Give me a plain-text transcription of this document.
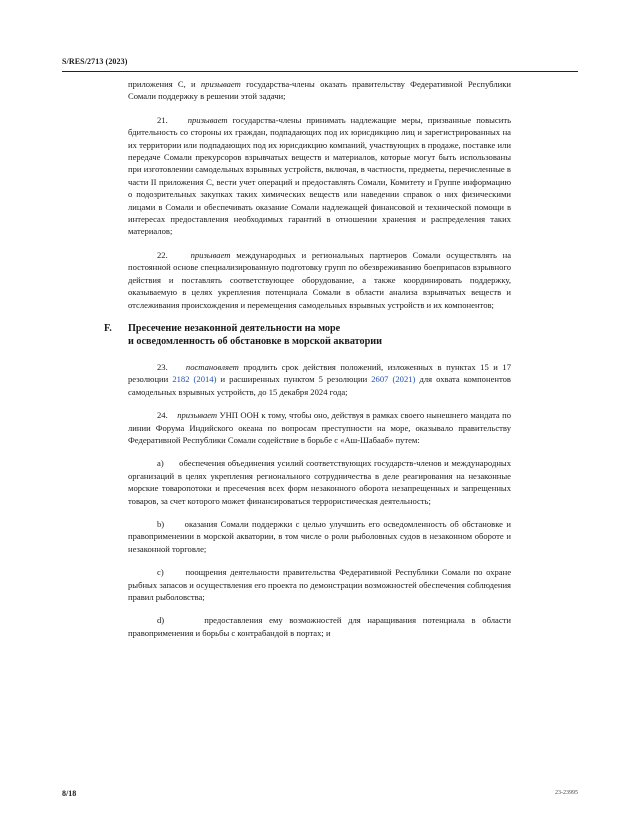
S/RES/2713 (2023)

приложения С, и призывает государства-члены оказать правительству Федеративной Республики Сомали поддержку в решении этой задачи;

21. призывает государства-члены принимать надлежащие меры, призванные повысить бдительность со стороны их граждан, подпадающих под их юрисдикцию лиц и зарегистрированных на их территории или подпадающих под их юрисдикцию компаний, участвующих в продаже, поставке или передаче Сомали прекурсоров взрывчатых веществ и материалов, которые могут быть использованы при изготовлении самодельных взрывных устройств, включая, в частности, предметы, перечисленные в части II приложения С, вести учет операций и предоставлять Сомали, Комитету и Группе информацию о подозрительных закупках таких химических веществ или наведении справок о них физическими лицами в Сомали и обеспечивать оказание Сомали надлежащей финансовой и технической помощи в интересах предоставления необходимых гарантий в отношении хранения и распределения таких материалов;

22.	призывает международных и региональных партнеров Сомали осуществлять на постоянной основе специализированную подготовку групп по обезвреживанию боеприпасов взрывного действия и поставлять соответствующее оборудование, а также координировать поддержку, оказываемую в целях укрепления потенциала Сомали в области анализа взрывчатых веществ и отслеживания происхождения и перемещения самодельных взрывных устройств и их компонентов;

F. Пресечение незаконной деятельности на море
и осведомленность об обстановке в морской акватории

23. постановляет продлить срок действия положений, изложенных в пунктах 15 и 17 резолюции 2182 (2014) и расширенных пунктом 5 резолюции 2607 (2021) для охвата компонентов самодельных взрывных устройств, до 15 декабря 2024 года;

24. призывает УНП ООН к тому, чтобы оно, действуя в рамках своего нынешнего мандата по линии Форума Индийского океана по вопросам преступности на море, оказывало правительству Федеративной Республики Сомали содействие в борьбе с «Аш-Шабааб» путем:

a) обеспечения объединения усилий соответствующих государств-членов и международных организаций в целях укрепления регионального сотрудничества в деле реагирования на незаконные морские товаропотоки и пресечения всех форм незаконного оборота незапрещенных и запрещенных товаров, за счет которого может финансироваться террористическая деятельность;

b) оказания Сомали поддержки с целью улучшить его осведомленность об обстановке и правоприменении в морской акватории, в том числе о роли рыболовных судов в незаконном обороте и незаконной торговле;

c)	поощрения деятельности правительства Федеративной Республики Сомали по охране рыбных запасов и осуществления его проекта по демонстрации возможностей обеспечения соблюдения правил рыболовства;

d)	предоставления ему возможностей для наращивания потенциала в области правоприменения и борьбы с контрабандой в портах; и

8/18	23-23995
